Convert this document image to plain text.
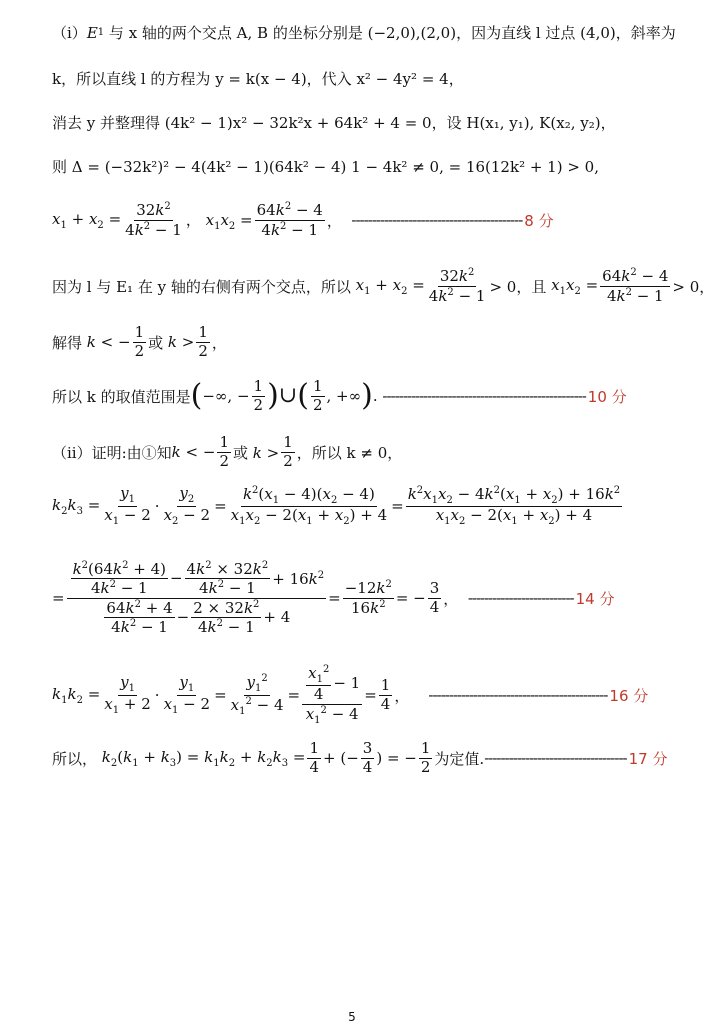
（i） E 1
与 x 轴的两个交点 A, B 的坐标分别是 (−2,0),(2,0)，因为直线 l 过点 (4,0)，斜率为
k，所以直线 l 的方程为 y = k(x − 4)，代入 x² − 4y² = 4，
消去 y 并整理得 (4k² − 1)x² − 32k²x + 64k² + 4 = 0，设 H(x₁, y₁), K(x₂, y₂)，
则 Δ = (−32k²)² − 4(4k² − 1)(64k² − 4) 1 − 4k² ≠ 0, = 16(12k² + 1) > 0,
$x_1 + x_2 = \frac{32k^2}{4k^2 - 1}$ ， $x_1x_2 = \frac{64k^2 - 4}{4k^2 - 1}$ ， ------------------------------------------ 8 分
因为 l 与 E₁ 在 y 轴的右侧有两个交点，所以 $x_1 + x_2 = \frac{32k^2}{4k^2 - 1} > 0$， 且 $x_1x_2 = \frac{64k^2 - 4}{4k^2 - 1} > 0$，
解得 k < − $\frac{1}{2}$ 或 $k > \frac{1}{2}$ ，
所以 k 的取值范围是 ( −∞, − $\frac{1}{2}$ ) ∪ ( $\frac{1}{2}$ , +∞ ) . -------------------------------------------------- 10 分
（ii） 证明:由①知 k < − $\frac{1}{2}$ 或 $k > \frac{1}{2}$ ，所以 k ≠ 0，
$k_2k_3 = \frac{y_1}{x_1 - 2} \cdot \frac{y_2}{x_2 - 2} = \frac{k^2(x_1 - 4)(x_2 - 4)}{x_1x_2 - 2(x_1 + x_2) + 4} = \frac{k^2x_1x_2 - 4k^2(x_1 + x_2) + 16k^2}{x_1x_2 - 2(x_1 + x_2) + 4}$
=
$\frac{k^2(64k^2 + 4)}{4k^2 - 1} - \frac{4k^2 \times 32k^2}{4k^2 - 1} + 16k^2$
$\frac{64k^2 + 4}{4k^2 - 1} - \frac{2 \times 32k^2}{4k^2 - 1} + 4$
= $\frac{-12k^2}{16k^2}$ = − $\frac{3}{4}$ ， -------------------------- 14 分
$k_1k_2 = \frac{y_1}{x_1 + 2} \cdot \frac{y_1}{x_1 - 2} = \frac{y_1^2}{x_1^2 - 4} = \frac{\frac{x_1^2}{4} - 1}{x_1^2 - 4} = \frac{1}{4}$ ， -------------------------------------------- 16 分
所以， $k_2(k_1 + k_3) = k_1k_2 + k_2k_3 = \frac{1}{4}$ + (− $\frac{3}{4}$ ) = − $\frac{1}{2}$ 为定值. ----------------------------------- 17 分
5
